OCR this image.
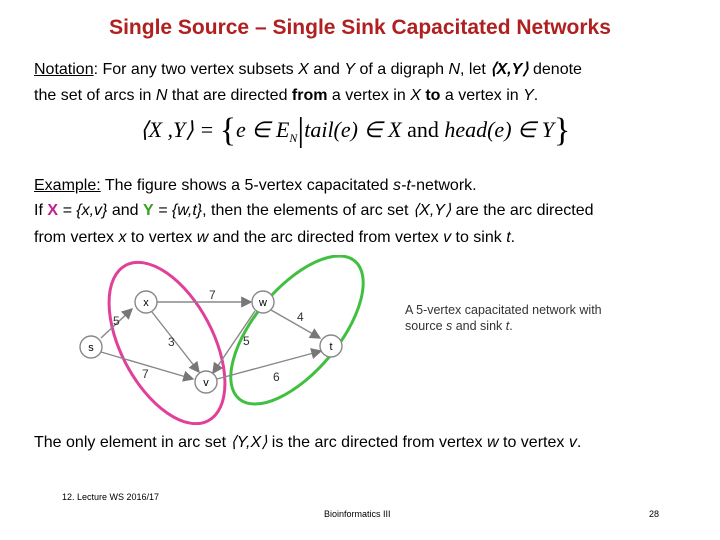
Single Source – Single Sink Capacitated Networks
Notation: For any two vertex subsets X and Y of a digraph N, let ⟨X,Y⟩ denote
the set of arcs in N that are directed from a vertex in X to a vertex in Y.
⟨X ,Y⟩ = {e ∈ $E_N|tail(e)$ ∈ X and head(e) ∈ Y}
Example: The figure shows a 5-vertex capacitated s-t-network.
If X = {x,v} and Y = {w,t}, then the elements of arc set ⟨X,Y⟩ are the arc directed
from vertex x to vertex w and the arc directed from vertex v to sink t.
7
5
3	5
4
7	6
x	w
s	t
v
A 5-vertex capacitated network with
source s and sink t.
The only element in arc set ⟨Y,X⟩ is the arc directed from vertex w to vertex v.
12. Lecture WS 2016/17
Bioinformatics III	28
